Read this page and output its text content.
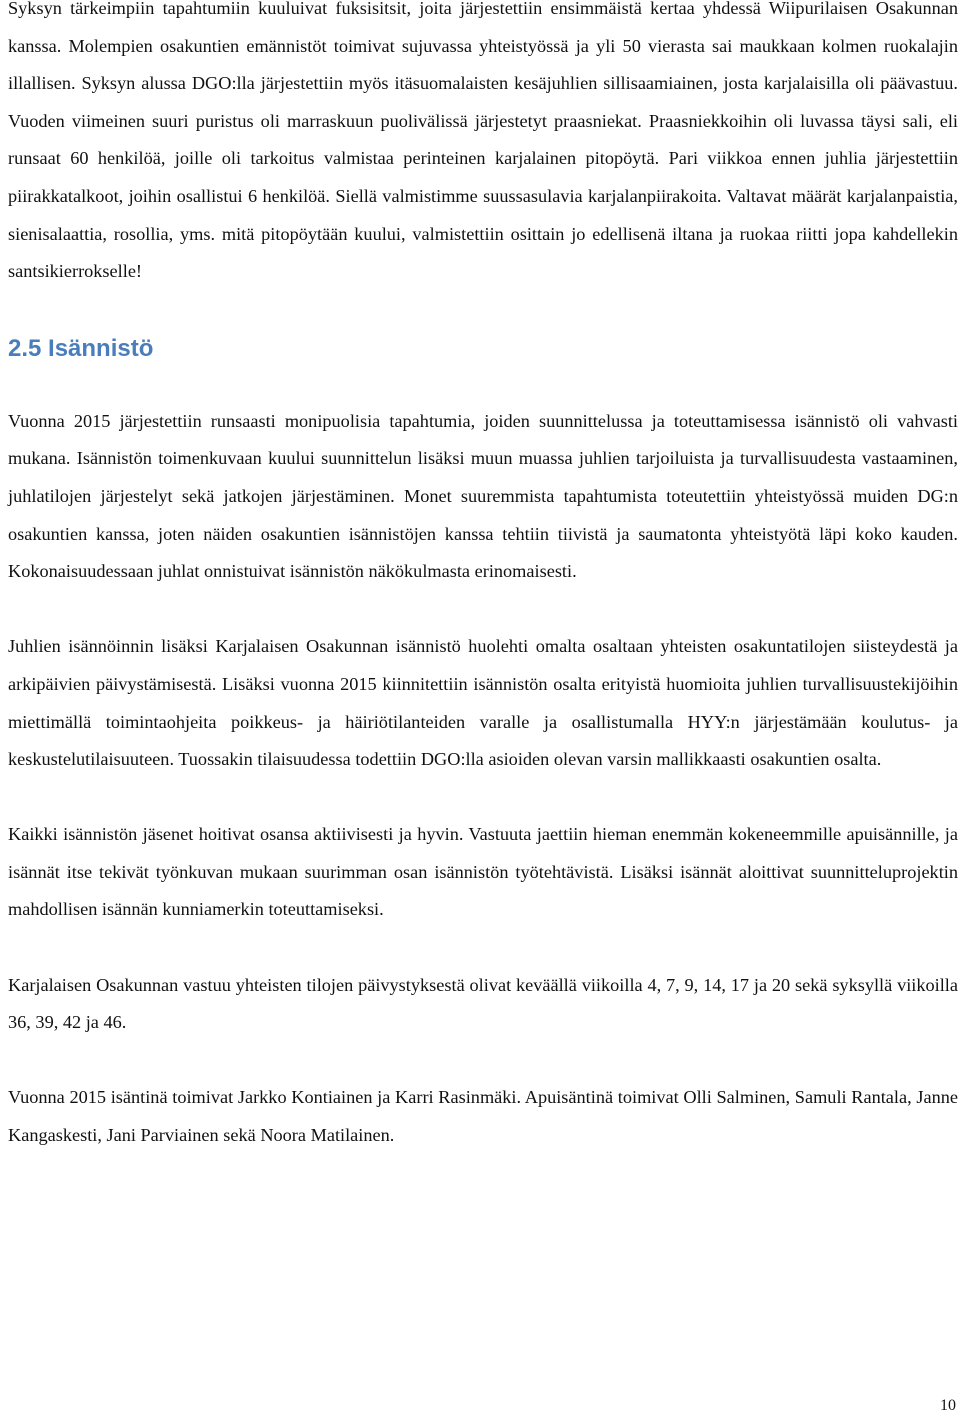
Syksyn tärkeimpiin tapahtumiin kuuluivat fuksisitsit, joita järjestettiin ensimmäistä kertaa yhdessä Wiipurilaisen Osakunnan kanssa. Molempien osakuntien emännistöt toimivat sujuvassa yhteistyössä ja yli 50 vierasta sai maukkaan kolmen ruokalajin illallisen. Syksyn alussa DGO:lla järjestettiin myös itäsuomalaisten kesäjuhlien sillisaamiainen, josta karjalaisilla oli päävastuu. Vuoden viimeinen suuri puristus oli marraskuun puolivälissä järjestetyt praasniekat. Praasniekkoihin oli luvassa täysi sali, eli runsaat 60 henkilöä, joille oli tarkoitus valmistaa perinteinen karjalainen pitopöytä. Pari viikkoa ennen juhlia järjestettiin piirakkatalkoot, joihin osallistui 6 henkilöä. Siellä valmistimme suussasulavia karjalanpiirakoita. Valtavat määrät karjalanpaistia, sienisalaattia, rosollia, yms. mitä pitopöytään kuului, valmistettiin osittain jo edellisenä iltana ja ruokaa riitti jopa kahdellekin santsikierrokselle!

2.5 Isännistö

Vuonna 2015 järjestettiin runsaasti monipuolisia tapahtumia, joiden suunnittelussa ja toteuttamisessa isännistö oli vahvasti mukana. Isännistön toimenkuvaan kuului suunnittelun lisäksi muun muassa juhlien tarjoiluista ja turvallisuudesta vastaaminen, juhlatilojen järjestelyt sekä jatkojen järjestäminen. Monet suuremmista tapahtumista toteutettiin yhteistyössä muiden DG:n osakuntien kanssa, joten näiden osakuntien isännistöjen kanssa tehtiin tiivistä ja saumatonta yhteistyötä läpi koko kauden. Kokonaisuudessaan juhlat onnistuivat isännistön näkökulmasta erinomaisesti.

Juhlien isännöinnin lisäksi Karjalaisen Osakunnan isännistö huolehti omalta osaltaan yhteisten osakuntatilojen siisteydestä ja arkipäivien päivystämisestä. Lisäksi vuonna 2015 kiinnitettiin isännistön osalta erityistä huomioita juhlien turvallisuustekijöihin miettimällä toimintaohjeita poikkeus- ja häiriötilanteiden varalle ja osallistumalla HYY:n järjestämään koulutus- ja keskustelutilaisuuteen. Tuossakin tilaisuudessa todettiin DGO:lla asioiden olevan varsin mallikkaasti osakuntien osalta.

Kaikki isännistön jäsenet hoitivat osansa aktiivisesti ja hyvin. Vastuuta jaettiin hieman enemmän kokeneemmille apuisännille, ja isännät itse tekivät työnkuvan mukaan suurimman osan isännistön työtehtävistä. Lisäksi isännät aloittivat suunnitteluprojektin mahdollisen isännän kunniamerkin toteuttamiseksi.

Karjalaisen Osakunnan vastuu yhteisten tilojen päivystyksestä olivat keväällä viikoilla 4, 7, 9, 14, 17 ja 20 sekä syksyllä viikoilla 36, 39, 42 ja 46.

Vuonna 2015 isäntinä toimivat Jarkko Kontiainen ja Karri Rasinmäki. Apuisäntinä toimivat Olli Salminen, Samuli Rantala, Janne Kangaskesti, Jani Parviainen sekä Noora Matilainen.

10
